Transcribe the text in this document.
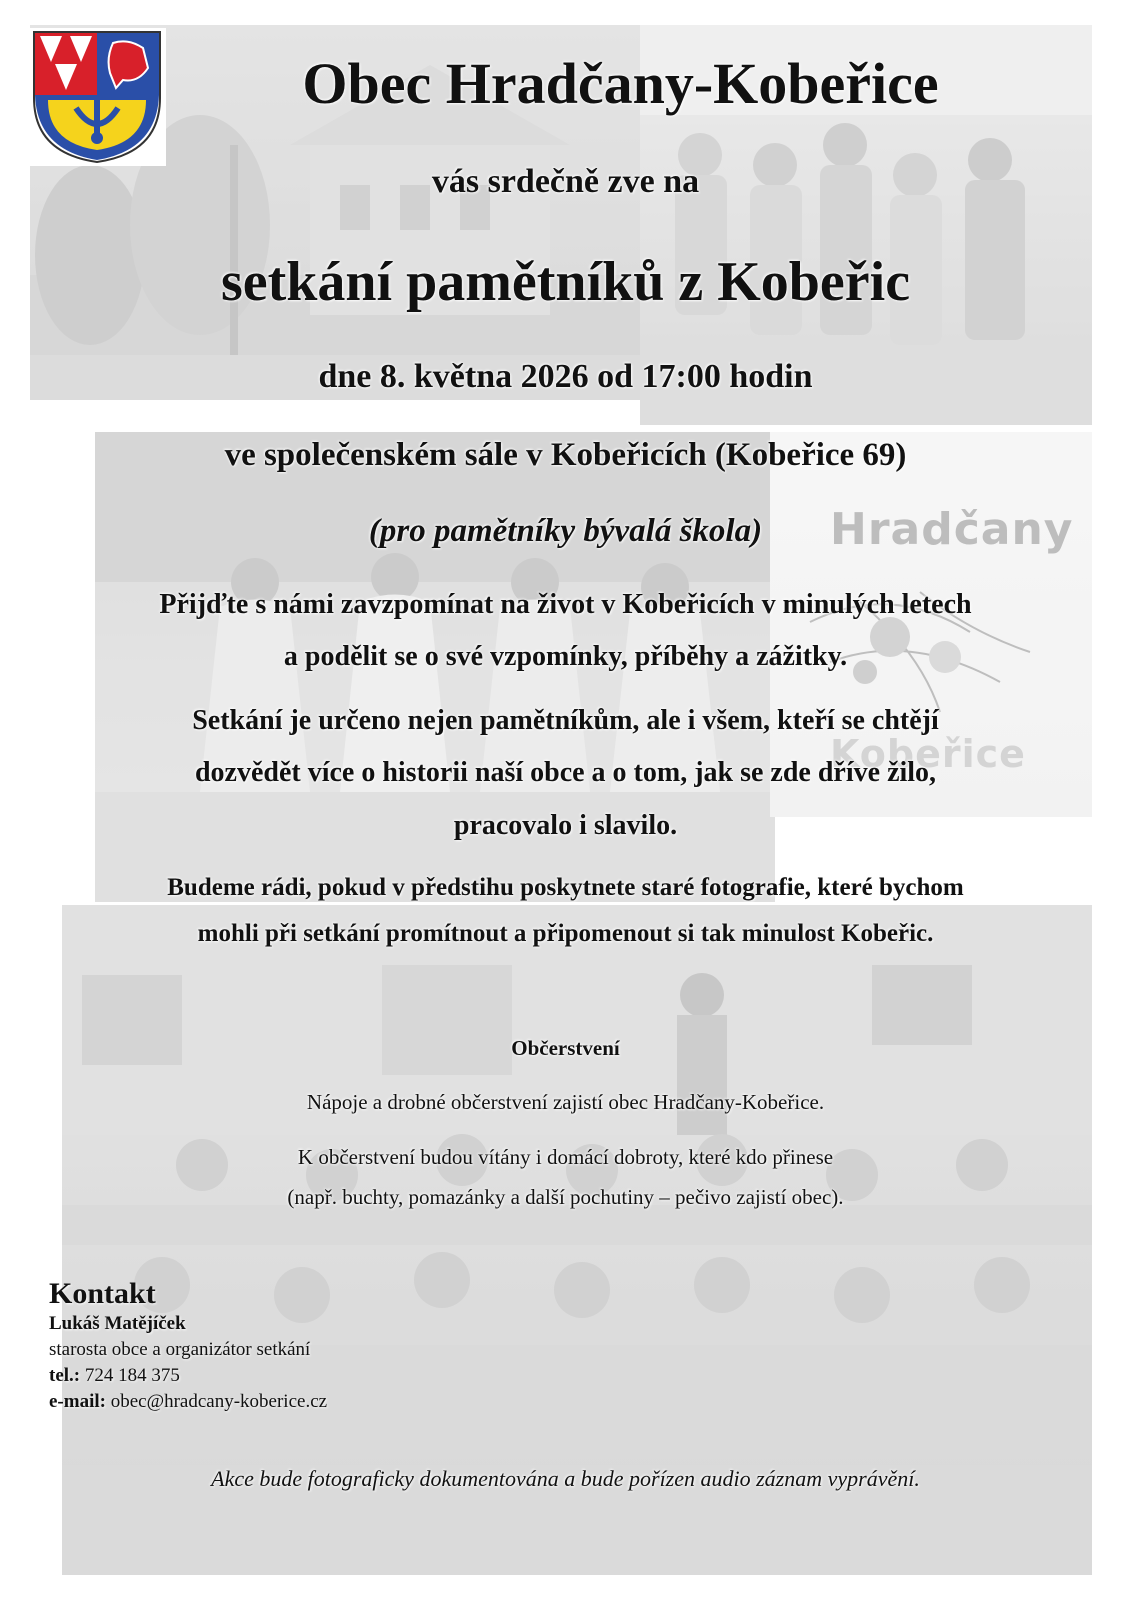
Hradčany
Kobeřice
Obec Hradčany-Kobeřice
vás srdečně zve na
setkání pamětníků z Kobeřic
dne 8. května 2026 od 17:00 hodin
ve společenském sále v Kobeřicích (Kobeřice 69)
(pro pamětníky bývalá škola)
Přijďte s námi zavzpomínat na život v Kobeřicích v minulých letech
a podělit se o své vzpomínky, příběhy a zážitky.
Setkání je určeno nejen pamětníkům, ale i všem, kteří se chtějí
dozvědět více o historii naší obce a o tom, jak se zde dříve žilo,
pracovalo i slavilo.
Budeme rádi, pokud v předstihu poskytnete staré fotografie, které bychom
mohli při setkání promítnout a připomenout si tak minulost Kobeřic.
Občerstvení
Nápoje a drobné občerstvení zajistí obec Hradčany-Kobeřice.
K občerstvení budou vítány i domácí dobroty, které kdo přinese
(např. buchty, pomazánky a další pochutiny – pečivo zajistí obec).
Kontakt
Lukáš Matějíček
starosta obce a organizátor setkání
tel.: 724 184 375
e-mail: obec@hradcany-koberice.cz
Akce bude fotograficky dokumentována a bude pořízen audio záznam vyprávění.
